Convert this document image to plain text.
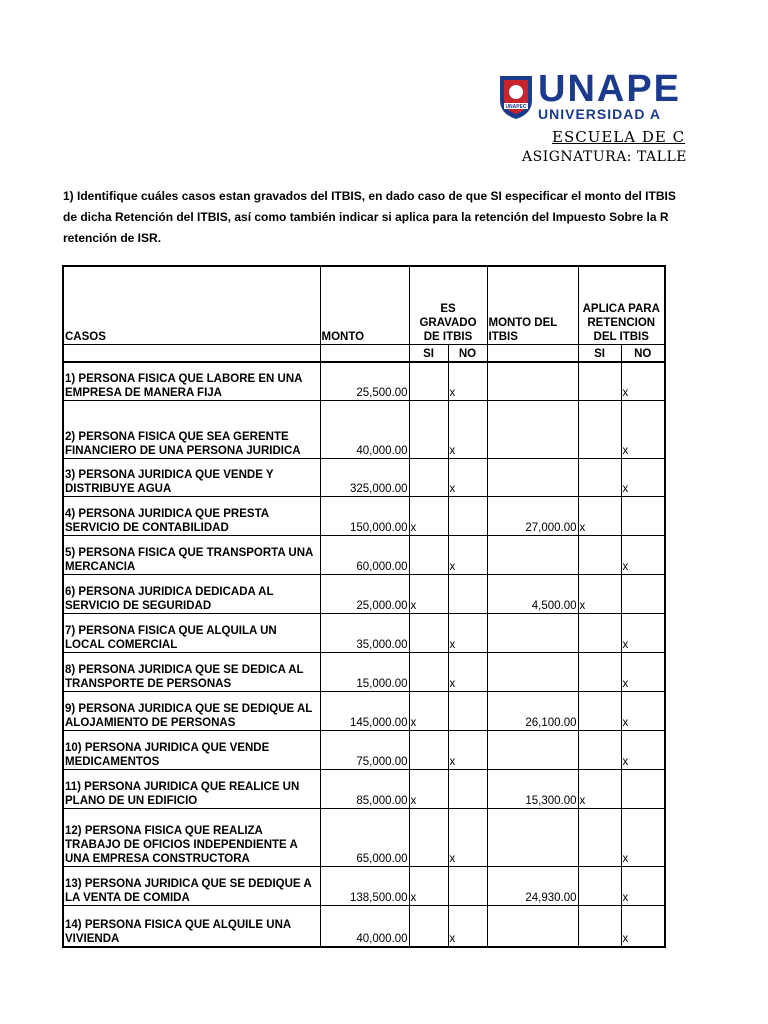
UNAPEC UNAPE
UNIVERSIDAD A
ESCUELA DE C
ASIGNATURA: TALLE
1) Identifique cuáles casos estan gravados del ITBIS, en dado caso de que SI especificar el monto del ITBIS
de dicha Retención del ITBIS, así como también indicar si aplica para la retención del Impuesto Sobre la R
retención de ISR.
CASOS	MONTO	ES GRAVADO DE ITBIS		MONTO DEL ITBIS	APLICA PARA RETENCION DEL ITBIS	
		SI	NO		SI	NO
1) PERSONA FISICA QUE LABORE EN UNA EMPRESA DE MANERA FIJA	25,500.00		x			x
2) PERSONA FISICA QUE SEA GERENTE FINANCIERO DE UNA PERSONA JURIDICA	40,000.00		x			x
3) PERSONA JURIDICA QUE VENDE Y DISTRIBUYE AGUA	325,000.00		x			x
4) PERSONA JURIDICA QUE PRESTA SERVICIO DE CONTABILIDAD	150,000.00	x		27,000.00	x	
5) PERSONA FISICA QUE TRANSPORTA UNA MERCANCIA	60,000.00		x			x
6) PERSONA JURIDICA DEDICADA AL SERVICIO DE SEGURIDAD	25,000.00	x		4,500.00	x	
7) PERSONA FISICA QUE ALQUILA UN LOCAL COMERCIAL	35,000.00		x			x
8) PERSONA JURIDICA QUE SE DEDICA AL TRANSPORTE DE PERSONAS	15,000.00		x			x
9) PERSONA JURIDICA QUE SE DEDIQUE AL ALOJAMIENTO DE PERSONAS	145,000.00	x		26,100.00		x
10) PERSONA JURIDICA QUE VENDE MEDICAMENTOS	75,000.00		x			x
11) PERSONA JURIDICA QUE REALICE UN PLANO DE UN EDIFICIO	85,000.00	x		15,300.00	x	
12) PERSONA FISICA QUE REALIZA TRABAJO DE OFICIOS INDEPENDIENTE A UNA EMPRESA CONSTRUCTORA	65,000.00		x			x
13) PERSONA JURIDICA QUE SE DEDIQUE A LA VENTA DE COMIDA	138,500.00	x		24,930.00		x
14) PERSONA FISICA QUE ALQUILE UNA VIVIENDA	40,000.00		x			x
